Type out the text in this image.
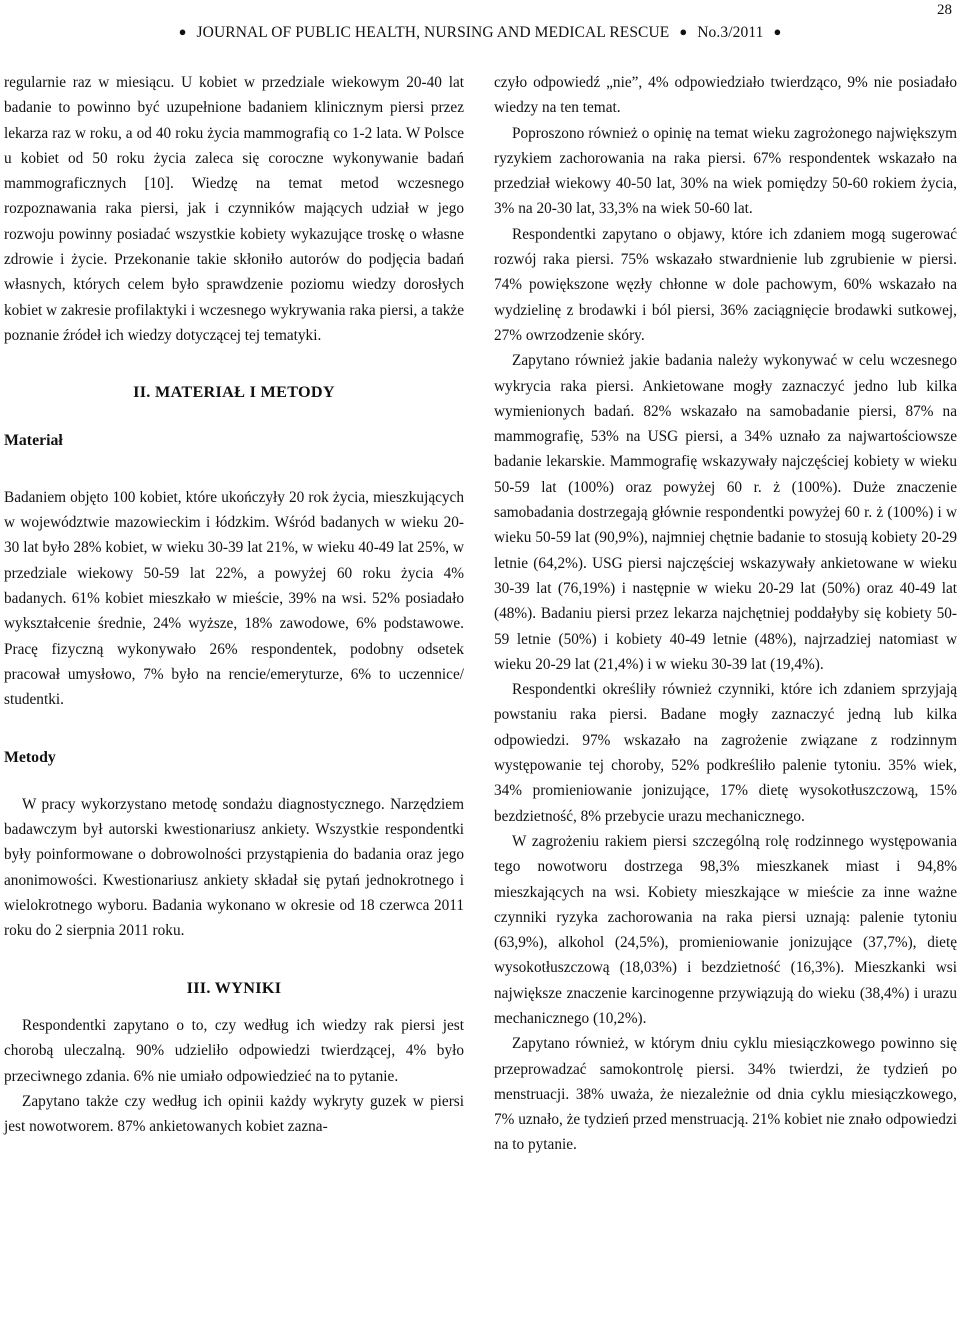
28
● JOURNAL OF PUBLIC HEALTH, NURSING AND MEDICAL RESCUE ● No.3/2011 ●

regularnie raz w miesiącu. U kobiet w przedziale wiekowym 20-40 lat badanie to powinno być uzupełnione badaniem klinicznym piersi przez lekarza raz w roku, a od 40 roku życia mammografią co 1-2 lata. W Polsce u kobiet od 50 roku życia zaleca się coroczne wykonywanie badań mammograficznych [10]. Wiedzę na temat metod wczesnego rozpoznawania raka piersi, jak i czynników mających udział w jego rozwoju powinny posiadać wszystkie kobiety wykazujące troskę o własne zdrowie i życie. Przekonanie takie skłoniło autorów do podjęcia badań własnych, których celem było sprawdzenie poziomu wiedzy dorosłych kobiet w zakresie profilaktyki i wczesnego wykrywania raka piersi, a także poznanie źródeł ich wiedzy dotyczącej tej tematyki.

II. MATERIAŁ I METODY
Materiał

Badaniem objęto 100 kobiet, które ukończyły 20 rok życia, mieszkujących w województwie mazowieckim i łódzkim. Wśród badanych w wieku 20-30 lat było 28% kobiet, w wieku 30-39 lat 21%, w wieku 40-49 lat 25%, w przedziale wiekowy 50-59 lat 22%, a powyżej 60 roku życia 4% badanych. 61% kobiet mieszkało w mieście, 39% na wsi. 52% posiadało wykształcenie średnie, 24% wyższe, 18% zawodowe, 6% podstawowe. Pracę fizyczną wykonywało 26% respondentek, podobny odsetek pracował umysłowo, 7% było na rencie/emeryturze, 6% to uczennice/ studentki.

Metody

W pracy wykorzystano metodę sondażu diagnostycznego. Narzędziem badawczym był autorski kwestionariusz ankiety. Wszystkie respondentki były poinformowane o dobrowolności przystąpienia do badania oraz jego anonimowości. Kwestionariusz ankiety składał się pytań jednokrotnego i wielokrotnego wyboru. Badania wykonano w okresie od 18 czerwca 2011 roku do 2 sierpnia 2011 roku.

III. WYNIKI

Respondentki zapytano o to, czy według ich wiedzy rak piersi jest chorobą uleczalną. 90% udzieliło odpowiedzi twierdzącej, 4% było przeciwnego zdania. 6% nie umiało odpowiedzieć na to pytanie.

Zapytano także czy według ich opinii każdy wykryty guzek w piersi jest nowotworem. 87% ankietowanych kobiet zazna-

czyło odpowiedź „nie”, 4% odpowiedziało twierdząco, 9% nie posiadało wiedzy na ten temat.

Poproszono również o opinię na temat wieku zagrożonego największym ryzykiem zachorowania na raka piersi. 67% respondentek wskazało na przedział wiekowy 40-50 lat, 30% na wiek pomiędzy 50-60 rokiem życia, 3% na 20-30 lat, 33,3% na wiek 50-60 lat.

Respondentki zapytano o objawy, które ich zdaniem mogą sugerować rozwój raka piersi. 75% wskazało stwardnienie lub zgrubienie w piersi. 74% powiększone węzły chłonne w dole pachowym, 60% wskazało na wydzielinę z brodawki i ból piersi, 36% zaciągnięcie brodawki sutkowej, 27% owrzodzenie skóry.

Zapytano również jakie badania należy wykonywać w celu wczesnego wykrycia raka piersi. Ankietowane mogły zaznaczyć jedno lub kilka wymienionych badań. 82% wskazało na samobadanie piersi, 87% na mammografię, 53% na USG piersi, a 34% uznało za najwartościowsze badanie lekarskie. Mammografię wskazywały najczęściej kobiety w wieku 50-59 lat (100%) oraz powyżej 60 r. ż (100%). Duże znaczenie samobadania dostrzegają głównie respondentki powyżej 60 r. ż (100%) i w wieku 50-59 lat (90,9%), najmniej chętnie badanie to stosują kobiety 20-29 letnie (64,2%). USG piersi najczęściej wskazywały ankietowane w wieku 30-39 lat (76,19%) i następnie w wieku 20-29 lat (50%) oraz 40-49 lat (48%). Badaniu piersi przez lekarza najchętniej poddałyby się kobiety 50-59 letnie (50%) i kobiety 40-49 letnie (48%), najrzadziej natomiast w wieku 20-29 lat (21,4%) i w wieku 30-39 lat (19,4%).

Respondentki określiły również czynniki, które ich zdaniem sprzyjają powstaniu raka piersi. Badane mogły zaznaczyć jedną lub kilka odpowiedzi. 97% wskazało na zagrożenie związane z rodzinnym występowanie tej choroby, 52% podkreśliło palenie tytoniu. 35% wiek, 34% promieniowanie jonizujące, 17% dietę wysokotłuszczową, 15% bezdzietność, 8% przebycie urazu mechanicznego.

W zagrożeniu rakiem piersi szczególną rolę rodzinnego występowania tego nowotworu dostrzega 98,3% mieszkanek miast i 94,8% mieszkających na wsi. Kobiety mieszkające w mieście za inne ważne czynniki ryzyka zachorowania na raka piersi uznają: palenie tytoniu (63,9%), alkohol (24,5%), promieniowanie jonizujące (37,7%), dietę wysokotłuszczową (18,03%) i bezdzietność (16,3%). Mieszkanki wsi największe znaczenie karcinogenne przywiązują do wieku (38,4%) i urazu mechanicznego (10,2%).

Zapytano również, w którym dniu cyklu miesiączkowego powinno się przeprowadzać samokontrolę piersi. 34% twierdzi, że tydzień po menstruacji. 38% uważa, że niezależnie od dnia cyklu miesiączkowego, 7% uznało, że tydzień przed menstruacją. 21% kobiet nie znało odpowiedzi na to pytanie.
